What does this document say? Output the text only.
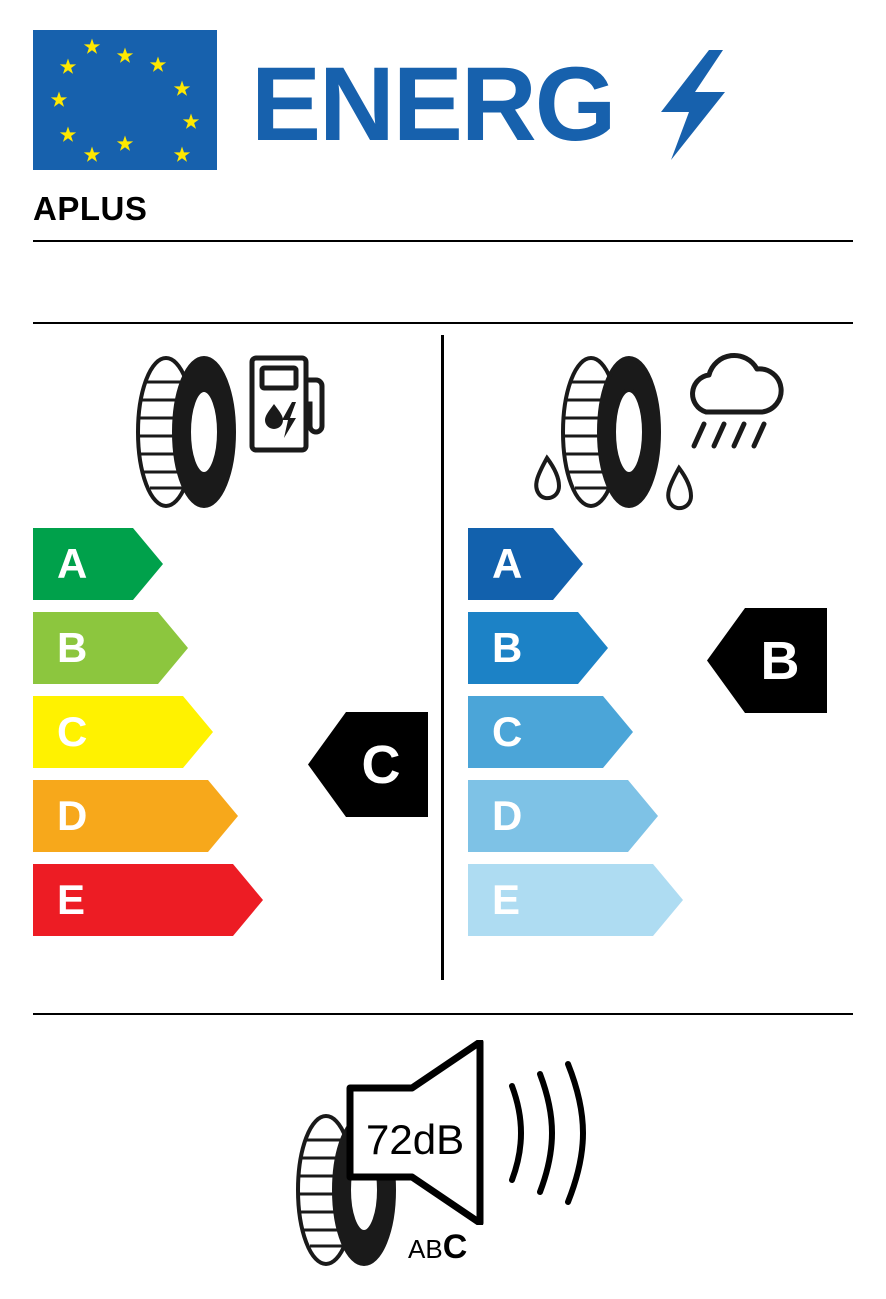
ENERG
APLUS
A
B
C
D
E
C
A
B
C
D
E
B
72dB
ABC
